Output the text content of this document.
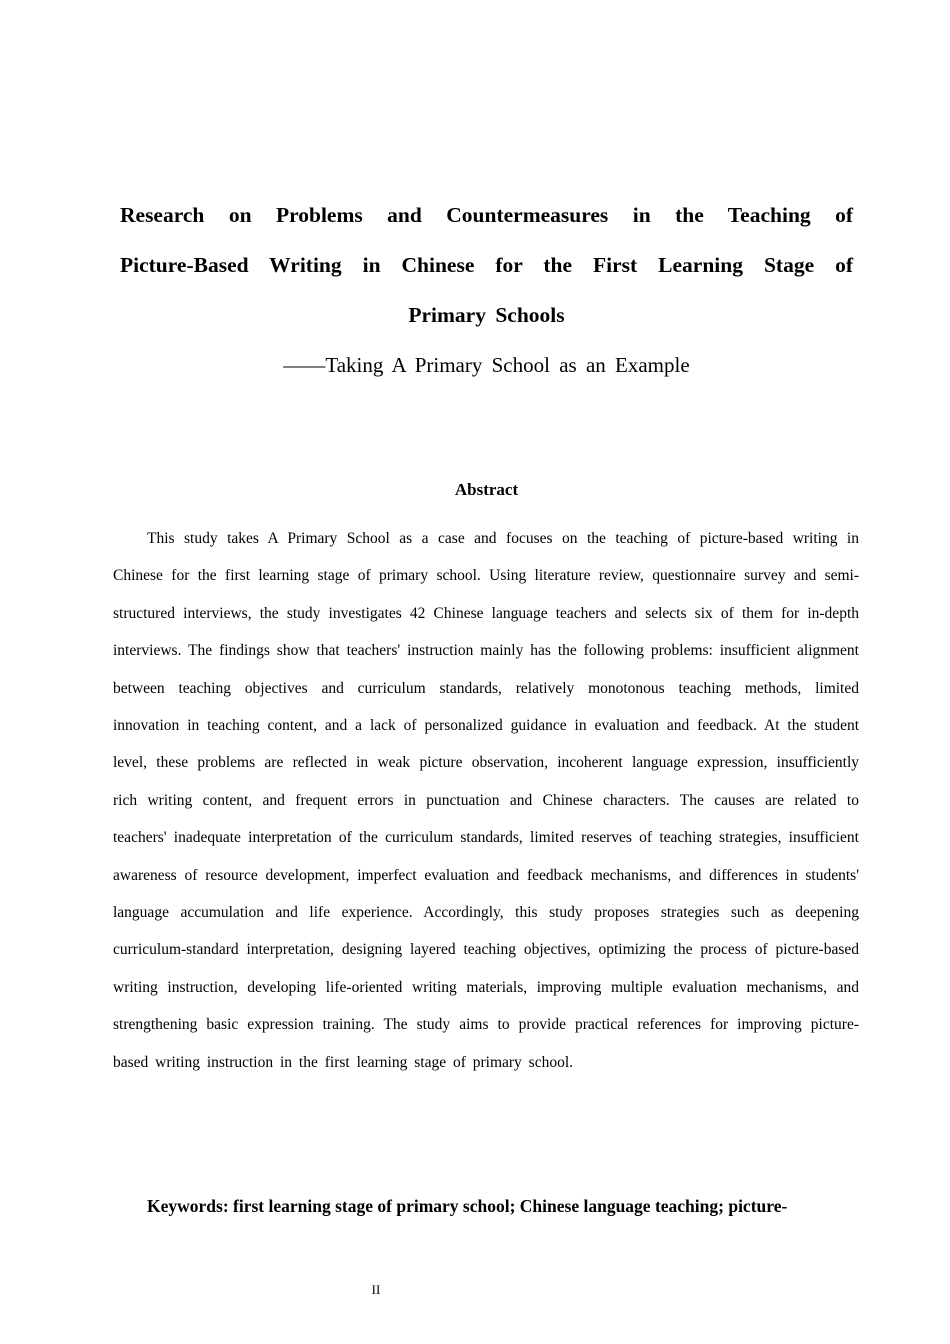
Research on Problems and Countermeasures in the Teaching of
Picture-Based Writing in Chinese for the First Learning Stage of
Primary Schools
——Taking A Primary School as an Example
Abstract

This study takes A Primary School as a case and focuses on the teaching of picture-based writing in Chinese for the first learning stage of primary school. Using literature review, questionnaire survey and semi-structured interviews, the study investigates 42 Chinese language teachers and selects six of them for in-depth interviews. The findings show that teachers' instruction mainly has the following problems: insufficient alignment between teaching objectives and curriculum standards, relatively monotonous teaching methods, limited innovation in teaching content, and a lack of personalized guidance in evaluation and feedback. At the student level, these problems are reflected in weak picture observation, incoherent language expression, insufficiently rich writing content, and frequent errors in punctuation and Chinese characters. The causes are related to teachers' inadequate interpretation of the curriculum standards, limited reserves of teaching strategies, insufficient awareness of resource development, imperfect evaluation and feedback mechanisms, and differences in students' language accumulation and life experience. Accordingly, this study proposes strategies such as deepening curriculum-standard interpretation, designing layered teaching objectives, optimizing the process of picture-based writing instruction, developing life-oriented writing materials, improving multiple evaluation mechanisms, and strengthening basic expression training. The study aims to provide practical references for improving picture-based writing instruction in the first learning stage of primary school.

Keywords: first learning stage of primary school; Chinese language teaching; picture-
II
